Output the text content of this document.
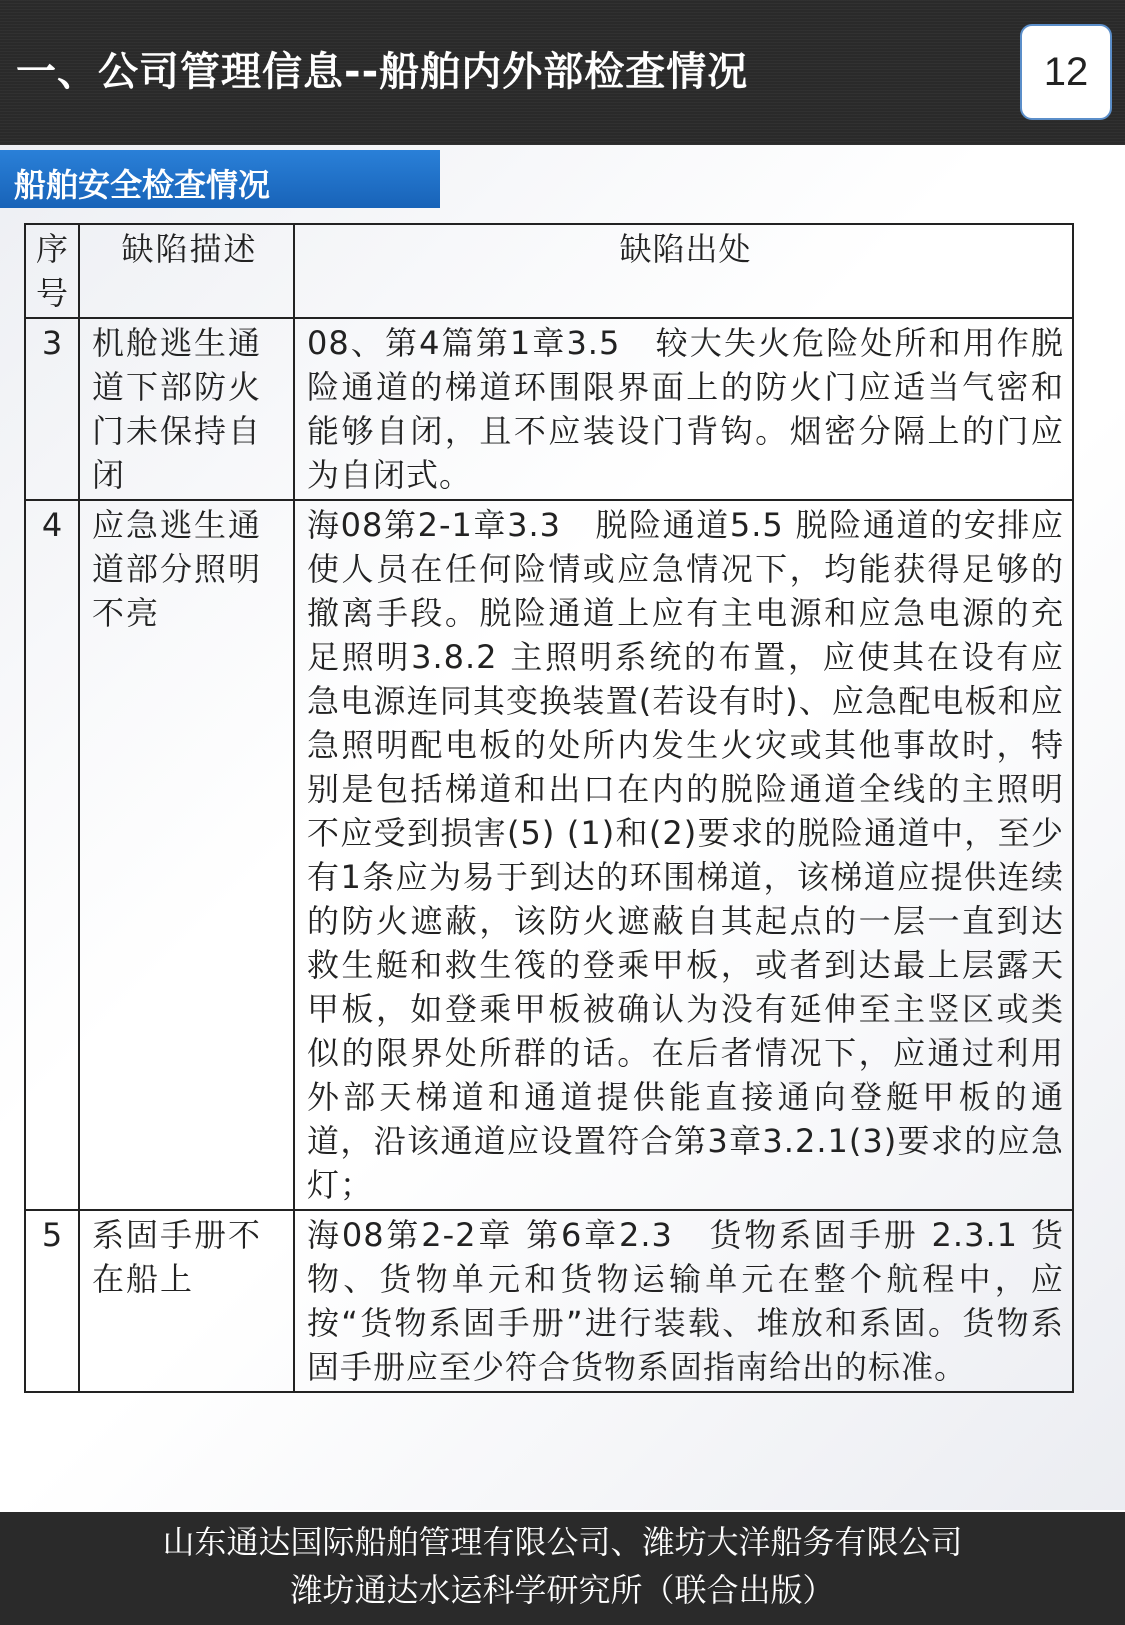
一、公司管理信息--船舶内外部检查情况	12
船舶安全检查情况
序号	缺陷描述	缺陷出处
3	机舱逃生通道下部防火门未保持自闭	08、第4篇第1章3.5　较大失火危险处所和用作脱险通道的梯道环围限界面上的防火门应适当气密和能够自闭，且不应装设门背钩。烟密分隔上的门应为自闭式。
4	应急逃生通道部分照明不亮	海08第2-1章3.3　脱险通道5.5 脱险通道的安排应使人员在任何险情或应急情况下，均能获得足够的撤离手段。脱险通道上应有主电源和应急电源的充足照明3.8.2 主照明系统的布置，应使其在设有应急电源连同其变换装置(若设有时)、应急配电板和应急照明配电板的处所内发生火灾或其他事故时，特别是包括梯道和出口在内的脱险通道全线的主照明不应受到损害(5) (1)和(2)要求的脱险通道中，至少有1条应为易于到达的环围梯道，该梯道应提供连续的防火遮蔽，该防火遮蔽自其起点的一层一直到达救生艇和救生筏的登乘甲板，或者到达最上层露天甲板，如登乘甲板被确认为没有延伸至主竖区或类似的限界处所群的话。在后者情况下，应通过利用外部天梯道和通道提供能直接通向登艇甲板的通道，沿该通道应设置符合第3章3.2.1(3)要求的应急灯；
5	系固手册不在船上	海08第2-2章 第6章2.3　货物系固手册 2.3.1 货物、货物单元和货物运输单元在整个航程中，应按“货物系固手册”进行装载、堆放和系固。货物系固手册应至少符合货物系固指南给出的标准。
山东通达国际船舶管理有限公司、潍坊大洋船务有限公司
潍坊通达水运科学研究所（联合出版）
